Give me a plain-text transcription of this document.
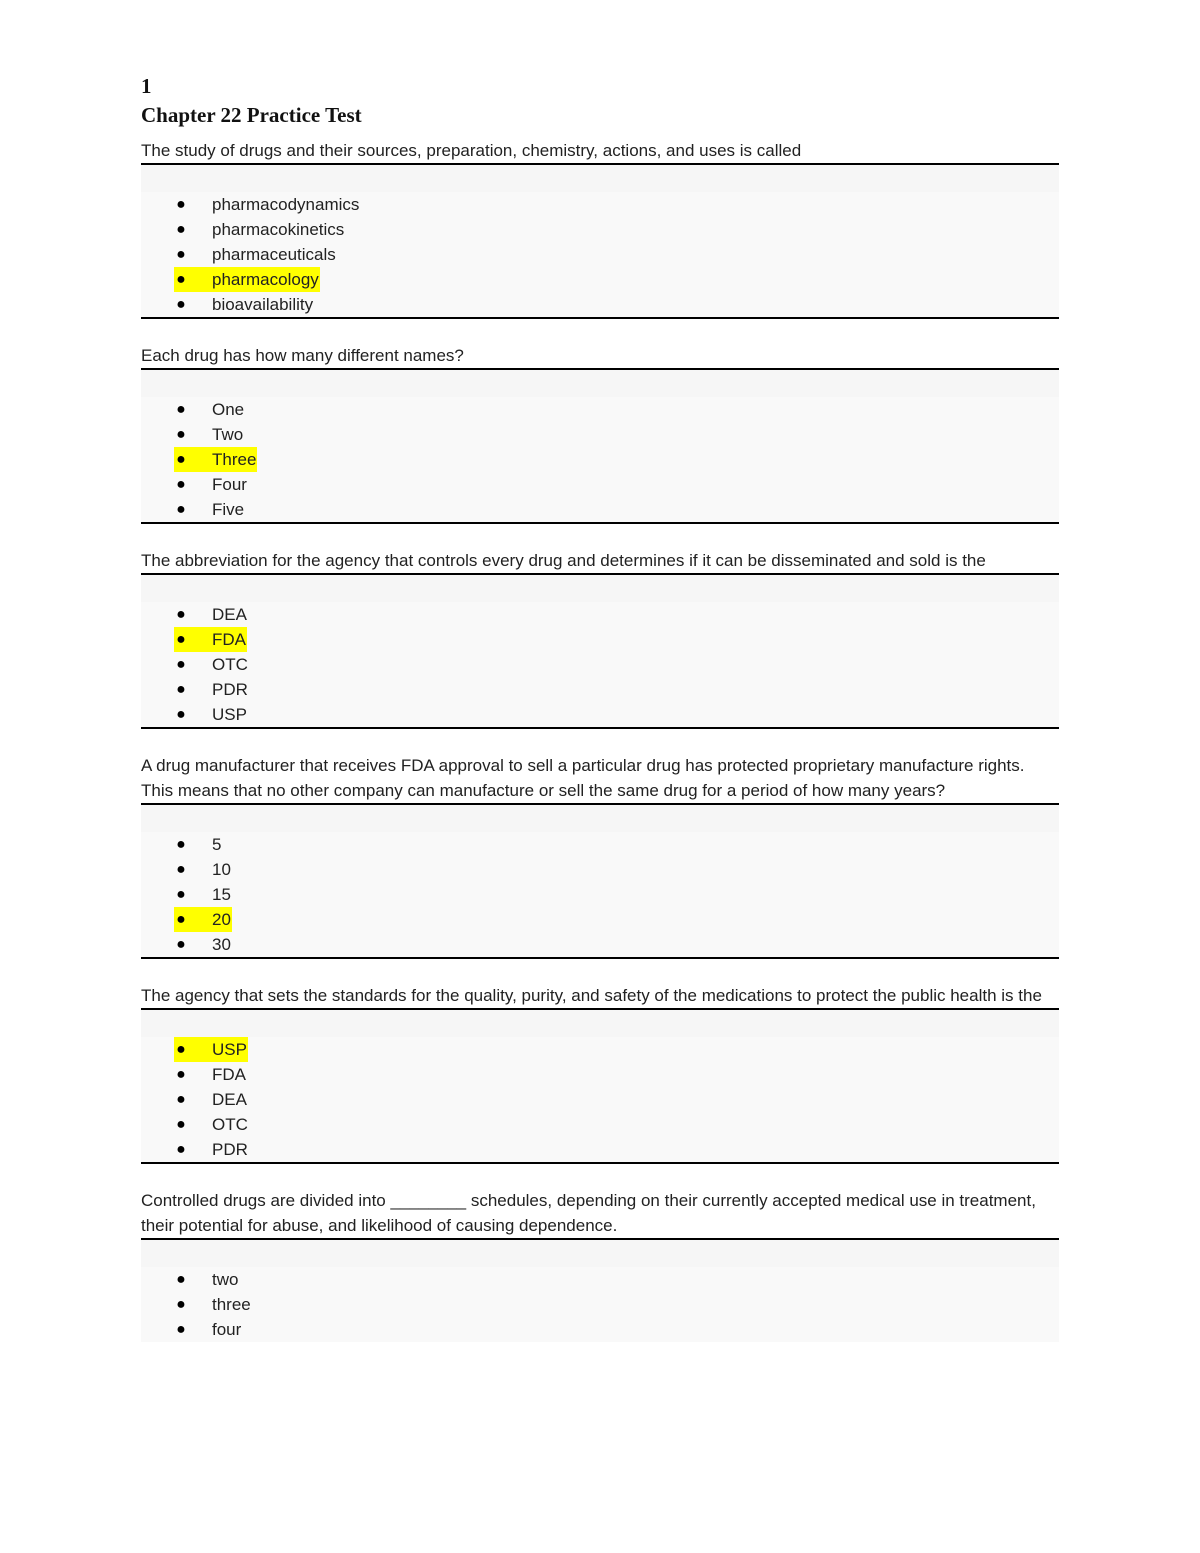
1
Chapter 22 Practice Test
The study of drugs and their sources, preparation, chemistry, actions, and uses is called
● pharmacodynamics
● pharmacokinetics
● pharmaceuticals
●	pharmacology
● bioavailability
Each drug has how many different names?
● One
● Two
●	Three
● Four
● Five
The abbreviation for the agency that controls every drug and determines if it can be disseminated and sold is the
● DEA
●	FDA
● OTC
● PDR
● USP
A drug manufacturer that receives FDA approval to sell a particular drug has protected proprietary manufacture rights. This means that no other company can manufacture or sell the same drug for a period of how many years?
● 5
● 10
● 15
●	20
● 30
The agency that sets the standards for the quality, purity, and safety of the medications to protect the public health is the
●	USP
● FDA
● DEA
● OTC
● PDR
Controlled drugs are divided into ________ schedules, depending on their currently accepted medical use in treatment, their potential for abuse, and likelihood of causing dependence.
● two
● three
● four
